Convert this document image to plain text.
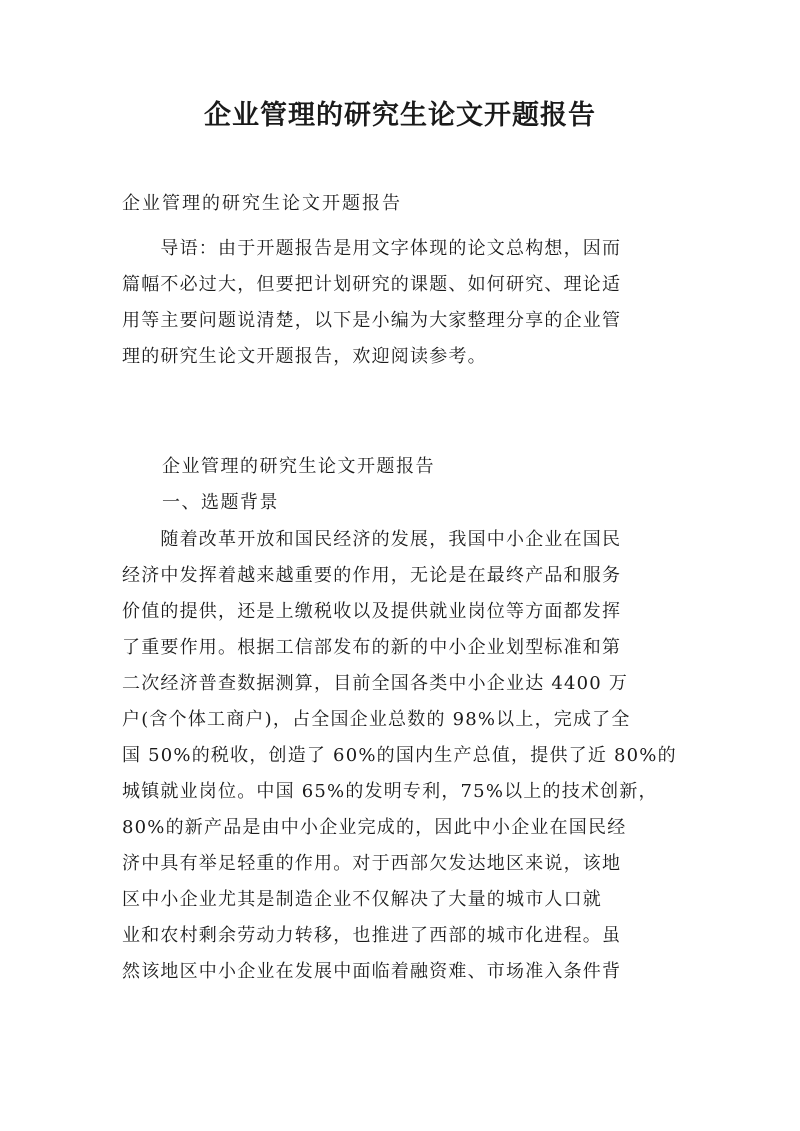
企业管理的研究生论文开题报告

企业管理的研究生论文开题报告

　　导语：由于开题报告是用文字体现的论文总构想，因而
篇幅不必过大，但要把计划研究的课题、如何研究、理论适
用等主要问题说清楚，以下是小编为大家整理分享的企业管
理的研究生论文开题报告，欢迎阅读参考。

企业管理的研究生论文开题报告

一、选题背景

　　随着改革开放和国民经济的发展，我国中小企业在国民
经济中发挥着越来越重要的作用，无论是在最终产品和服务
价值的提供，还是上缴税收以及提供就业岗位等方面都发挥
了重要作用。根据工信部发布的新的中小企业划型标准和第
二次经济普查数据测算，目前全国各类中小企业达 4400 万
户(含个体工商户)，占全国企业总数的 98%以上，完成了全
国 50%的税收，创造了 60%的国内生产总值，提供了近 80%的
城镇就业岗位。中国 65%的发明专利，75%以上的技术创新，
80%的新产品是由中小企业完成的，因此中小企业在国民经
济中具有举足轻重的作用。对于西部欠发达地区来说，该地
区中小企业尤其是制造企业不仅解决了大量的城市人口就
业和农村剩余劳动力转移，也推进了西部的城市化进程。虽
然该地区中小企业在发展中面临着融资难、市场准入条件背
